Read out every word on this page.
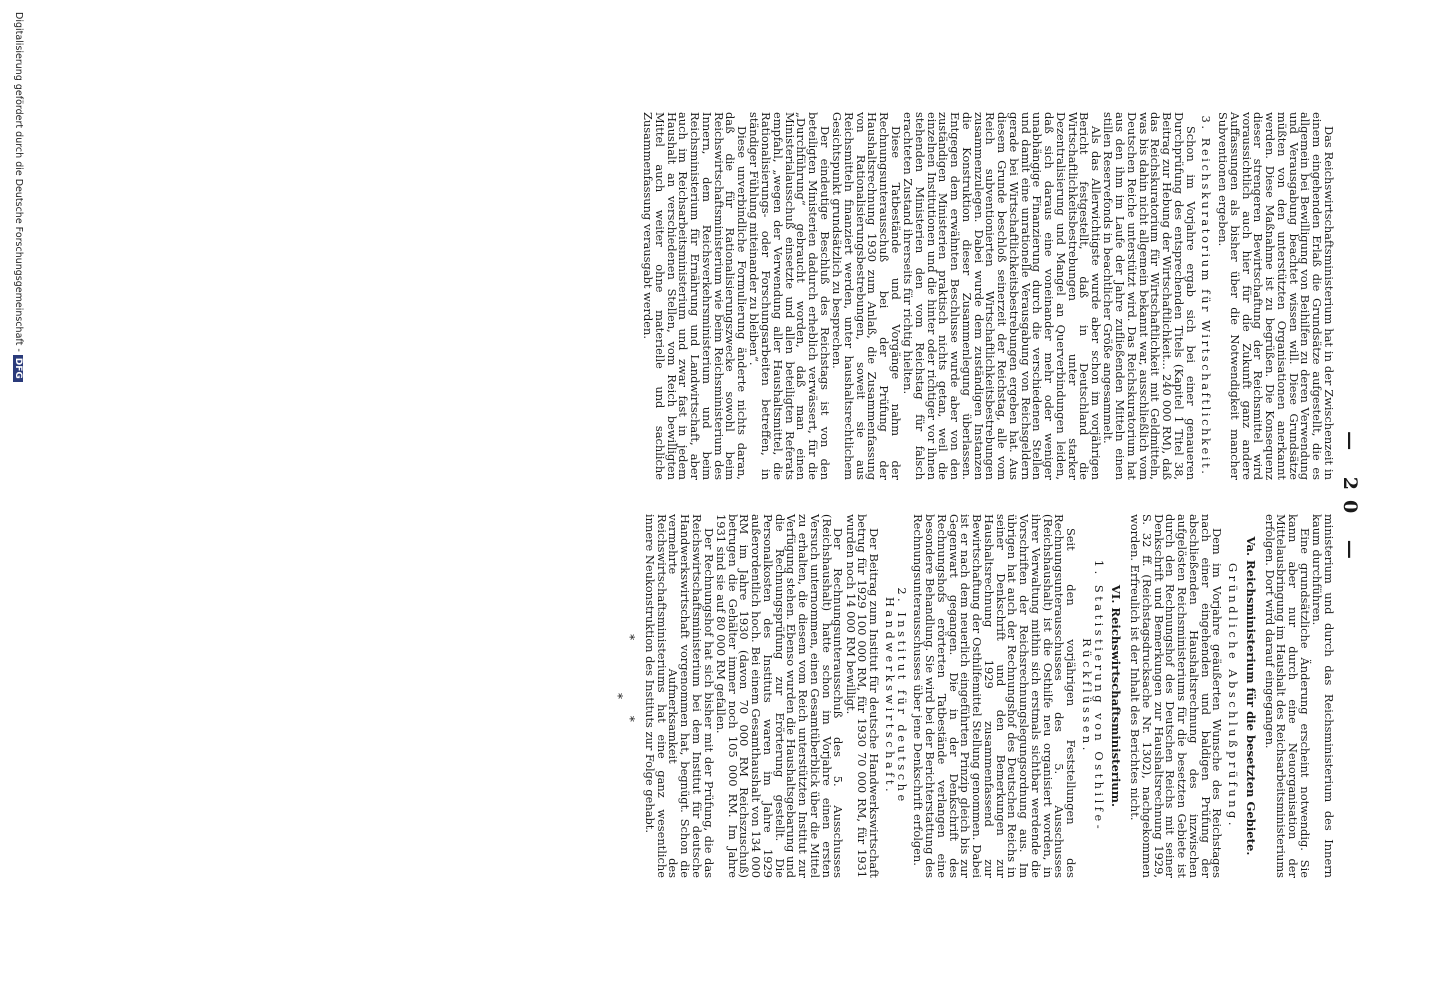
— 20 —

Das Reichswirtschaftsministerium hat in der Zwischenzeit in einem eingehenden Erlaß die Grundsätze aufgestellt, die es allgemein bei Bewilligung von Beihilfen zu deren Verwendung und Verausgabung beachtet wissen will. Diese Grundsätze müßten von den unterstützten Organisationen anerkannt werden. Diese Maßnahme ist zu begrüßen. Die Konsequenz dieser strengeren Bewirtschaftung der Reichsmittel wird voraussichtlich auch hier für die Zukunft ganz andere Auffassungen als bisher über die Notwendigkeit mancher Subventionen ergeben.

3. Reichskuratorium für Wirtschaftlichkeit.

Schon im Vorjahre ergab sich bei einer genaueren Durchprüfung des entsprechenden Titels (Kapitel 1 Titel 38, Beitrag zur Hebung der Wirtschaftlichkeit... 240 000 RM), daß das Reichskuratorium für Wirtschaftlichkeit mit Geldmitteln, was bis dahin nicht allgemein bekannt war, ausschließlich vom Deutschen Reiche unterstützt wird. Das Reichskuratorium hat aus den ihm im Laufe der Jahre zufließenden Mitteln einen stillen Reservefonds in beachtlicher Größe angesammelt.

Als das Allerwichtigste wurde aber schon im vorjährigen Bericht festgestellt, daß in Deutschland die Wirtschaftlichkeitsbestrebungen unter starker Dezentralisierung und Mangel an Querverbindungen leiden, daß sich daraus eine voneinander mehr oder weniger unabhängige Finanzierung durch die verschiedenen Stellen und damit eine unrationelle Verausgabung von Reichsgeldern gerade bei Wirtschaftlichkeitsbestrebungen ergeben hat. Aus diesem Grunde beschloß seinerzeit der Reichstag, alle vom Reich subventionierten Wirtschaftlichkeitsbestrebungen zusammenzulegen. Dabei wurde dem zuständigen Instanzen die Konstruktion dieser Zusammenlegung überlassen. Entgegen dem erwähnten Beschlusse wurde aber von den zuständigen Ministerien praktisch nichts getan, weil die einzelnen Institutionen und die hinter oder richtiger vor ihnen stehenden Ministerien den vom Reichstag für falsch erachteten Zustand ihrerseits für richtig hielten.

Diese Tatbestände und Vorgänge nahm der Rechnungsunterausschuß bei der Prüfung der Haushaltsrechnung 1930 zum Anlaß, die Zusammenfassung von Rationalisierungsbestrebungen, soweit sie aus Reichsmitteln finanziert werden, unter haushaltsrechtlichem Gesichtspunkt grundsätzlich zu besprechen.

Der eindeutige Beschluß des Reichstags ist von den beteiligten Ministerien dadurch erheblich verwässert, für die „Durchführung“ gebraucht worden, daß man einen Ministerialausschuß einsetzte und allen beteiligten Referats empfahl, „wegen der Verwendung aller Haushaltsmittel, die Rationalisierungs- oder Forschungsarbeiten betreffen, in ständiger Fühlung miteinander zu bleiben“.

Diese unverbindliche Formulierung änderte nichts daran, daß die für Rationalisierungszwecke sowohl beim Reichswirtschaftsministerium wie beim Reichsministerium des Innern, dem Reichsverkehrsministerium und beim Reichsministerium für Ernährung und Landwirtschaft, aber auch im Reichsarbeitsministerium und zwar fast in jedem Haushalt an verschiedenen Stellen, vom Reich bewilligten Mittel auch weiter ohne materielle und sachliche Zusammenfassung verausgabt werden.

ministerium und durch das Reichsministerium des Innern kaum durchführen.

Eine grundsätzliche Änderung erscheint notwendig. Sie kann aber nur durch eine Neuorganisation der Mittelausbringung im Haushalt des Reichsarbeitsministeriums erfolgen. Dort wird darauf eingegangen.

Va. Reichsministerium für die besetzten Gebiete.
Gründliche Abschlußprüfung.

Dem im Vorjahre geäußerten Wunsche des Reichstages nach einer eingehenden und baldigen Prüfung der abschließenden Haushaltsrechnung des inzwischen aufgelösten Reichsministeriums für die besetzten Gebiete ist durch den Rechnungshof des Deutschen Reichs mit seiner Denkschrift und Bemerkungen zur Haushaltsrechnung 1929, S. 32 ff. (Reichstagsdrucksache Nr. 1302), nachgekommen worden. Erfreulich ist der Inhalt des Berichtes nicht.

VI. Reichswirtschaftsministerium.
1. Statistierung von Osthilfe-Rückflüssen.

Seit den vorjährigen Feststellungen des Rechnungsunterausschusses des 5. Ausschusses (Reichshaushalt) ist die Osthilfe neu organisiert worden, in ihrer Verwaltung mithin sich erstmals sichtbar werdende die Vorschriften der Reichsrechnungslegungsordnung aus. Im übrigen hat auch der Rechnungshof des Deutschen Reichs in seiner Denkschrift und den Bemerkungen zur Haushaltsrechnung 1929 zusammenfassend zur Bewirtschaftung der Osthilfemittel Stellung genommen. Dabei ist er nach dem neuerlich eingeführten Prinzip gleich bis zur Gegenwart gegangen. Die in der Denkschrift des Rechnungshofs erörterten Tatbestände verlangen eine besondere Behandlung. Sie wird bei der Berichterstattung des Rechnungsunterausschusses über jene Denkschrift erfolgen.

2. Institut für deutsche Handwerkswirtschaft.

Der Beitrag zum Institut für deutsche Handwerkswirtschaft betrug für 1929 100 000 RM, für 1930 70 000 RM, für 1931 wurden noch 14 000 RM bewilligt.

Der Rechnungsunterausschuß des 5. Ausschusses (Reichshaushalt) hatte schon im Vorjahre einen ersten Versuch unternommen, einen Gesamtüberblick über die Mittel zu erhalten, die diesem vom Reich unterstützten Institut zur Verfügung stehen. Ebenso wurden die Haushaltsgebarung und die Rechnungsprüfung zur Erörterung gestellt. Die Personalkosten des Instituts waren im Jahre 1929 außerordentlich hoch. Bei einem Gesamthaushalt von 134 000 RM im Jahre 1930 (davon 70 000 RM Reichszuschuß) betrugen die Gehälter immer noch 105 000 RM. Im Jahre 1931 sind sie auf 80 000 RM gefallen.

Der Rechnungshof hat sich bisher mit der Prüfung, die das Reichswirtschaftsministerium bei dem Institut für deutsche Handwerkswirtschaft vorgenommen hat, begnügt. Schon die vermehrte Aufmerksamkeit des Reichswirtschaftsministeriums hat eine ganz wesentliche innere Neukonstruktion des Instituts zur Folge gehabt.

* *
*
Digitalisierung gefördert durch die Deutsche Forschungsgemeinschaft -DFG
